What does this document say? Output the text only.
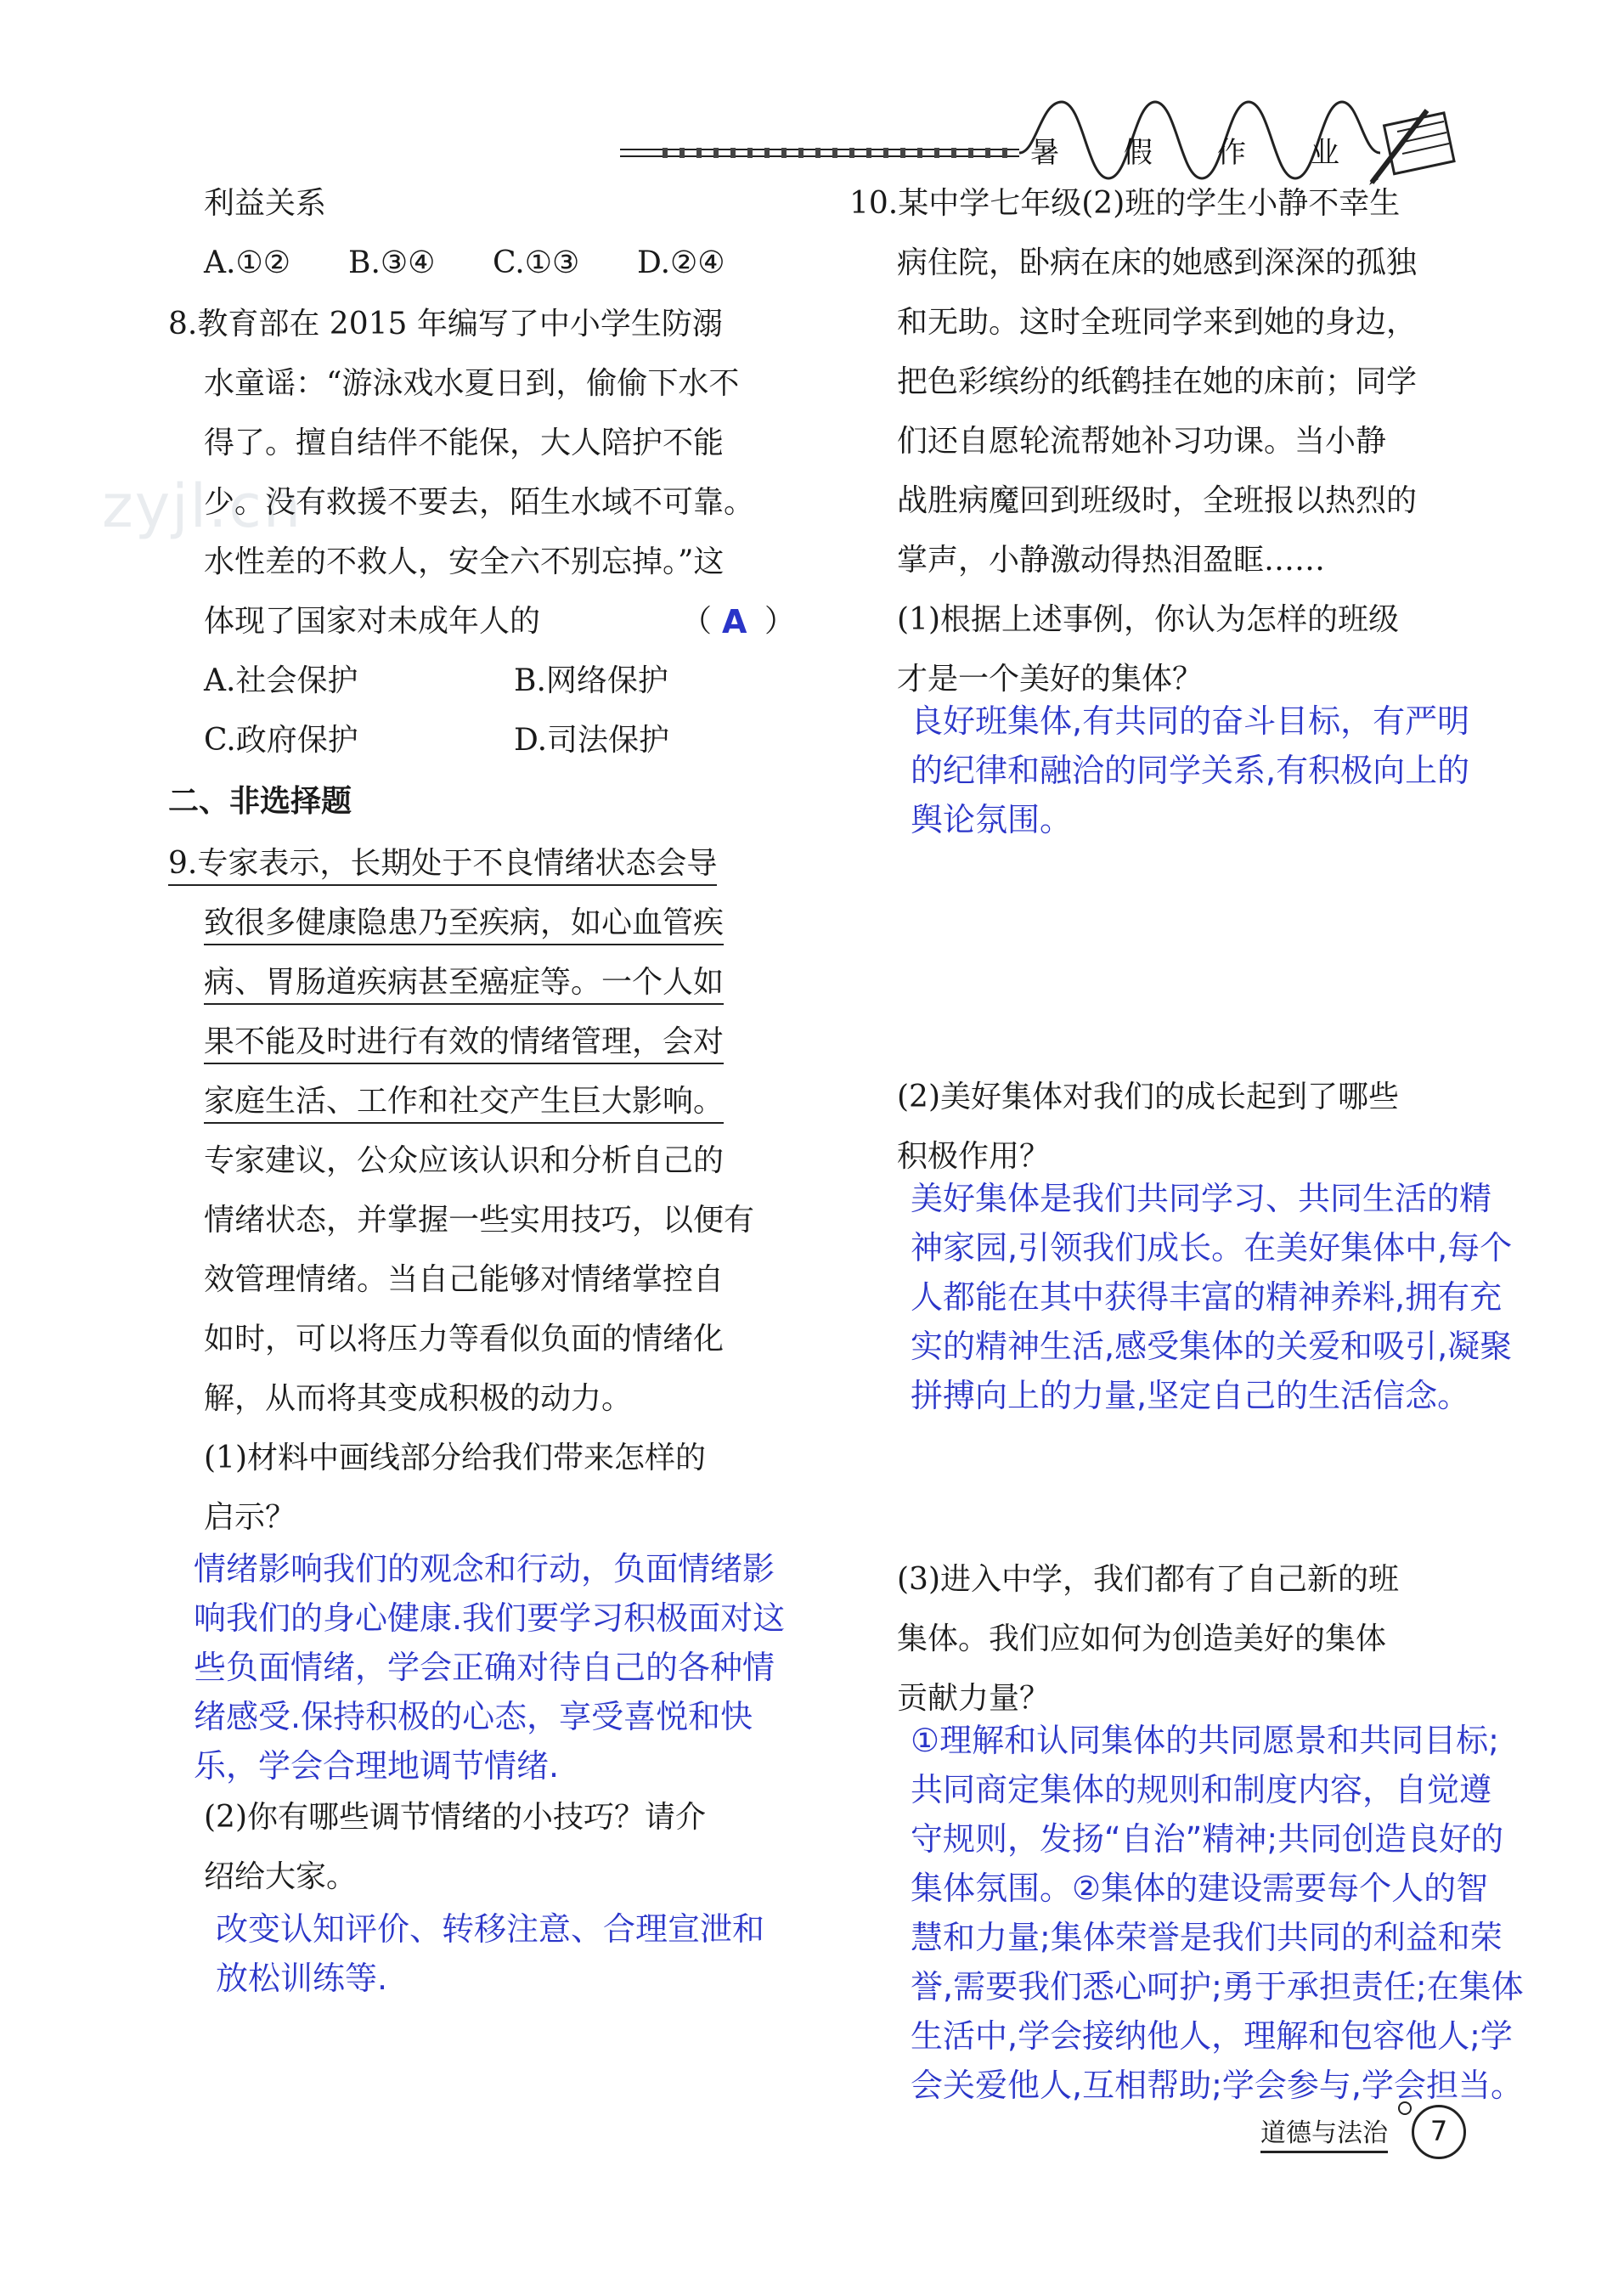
暑 假 作 业
zyjl.cn
利益关系
A.①② B.③④ C.①③ D.②④
8.教育部在 2015 年编写了中小学生防溺
水童谣：“游泳戏水夏日到，偷偷下水不
得了。擅自结伴不能保，大人陪护不能
少。没有救援不要去，陌生水域不可靠。
水性差的不救人，安全六不别忘掉。”这
体现了国家对未成年人的	（ A ）
A.社会保护	B.网络保护
C.政府保护	D.司法保护
二、非选择题
9.专家表示，长期处于不良情绪状态会导
致很多健康隐患乃至疾病，如心血管疾
病、胃肠道疾病甚至癌症等。一个人如
果不能及时进行有效的情绪管理，会对
家庭生活、工作和社交产生巨大影响。
专家建议，公众应该认识和分析自己的
情绪状态，并掌握一些实用技巧，以便有
效管理情绪。当自己能够对情绪掌控自
如时，可以将压力等看似负面的情绪化
解，从而将其变成积极的动力。
(1)材料中画线部分给我们带来怎样的
启示？
情绪影响我们的观念和行动，负面情绪影
响我们的身心健康.我们要学习积极面对这
些负面情绪，学会正确对待自己的各种情
绪感受.保持积极的心态，享受喜悦和快
乐，学会合理地调节情绪.
(2)你有哪些调节情绪的小技巧？请介
绍给大家。
改变认知评价、转移注意、合理宣泄和
放松训练等.
10.某中学七年级(2)班的学生小静不幸生
病住院，卧病在床的她感到深深的孤独
和无助。这时全班同学来到她的身边，
把色彩缤纷的纸鹤挂在她的床前；同学
们还自愿轮流帮她补习功课。当小静
战胜病魔回到班级时，全班报以热烈的
掌声，小静激动得热泪盈眶……
(1)根据上述事例，你认为怎样的班级
才是一个美好的集体？
良好班集体,有共同的奋斗目标，有严明
的纪律和融洽的同学关系,有积极向上的
舆论氛围。
(2)美好集体对我们的成长起到了哪些
积极作用？
美好集体是我们共同学习、共同生活的精
神家园,引领我们成长。在美好集体中,每个
人都能在其中获得丰富的精神养料,拥有充
实的精神生活,感受集体的关爱和吸引,凝聚
拼搏向上的力量,坚定自己的生活信念。
(3)进入中学，我们都有了自己新的班
集体。我们应如何为创造美好的集体
贡献力量？
①理解和认同集体的共同愿景和共同目标;
共同商定集体的规则和制度内容，自觉遵
守规则，发扬“自治”精神;共同创造良好的
集体氛围。②集体的建设需要每个人的智
慧和力量;集体荣誉是我们共同的利益和荣
誉,需要我们悉心呵护;勇于承担责任;在集体
生活中,学会接纳他人，理解和包容他人;学
会关爱他人,互相帮助;学会参与,学会担当。
道德与法治	7
